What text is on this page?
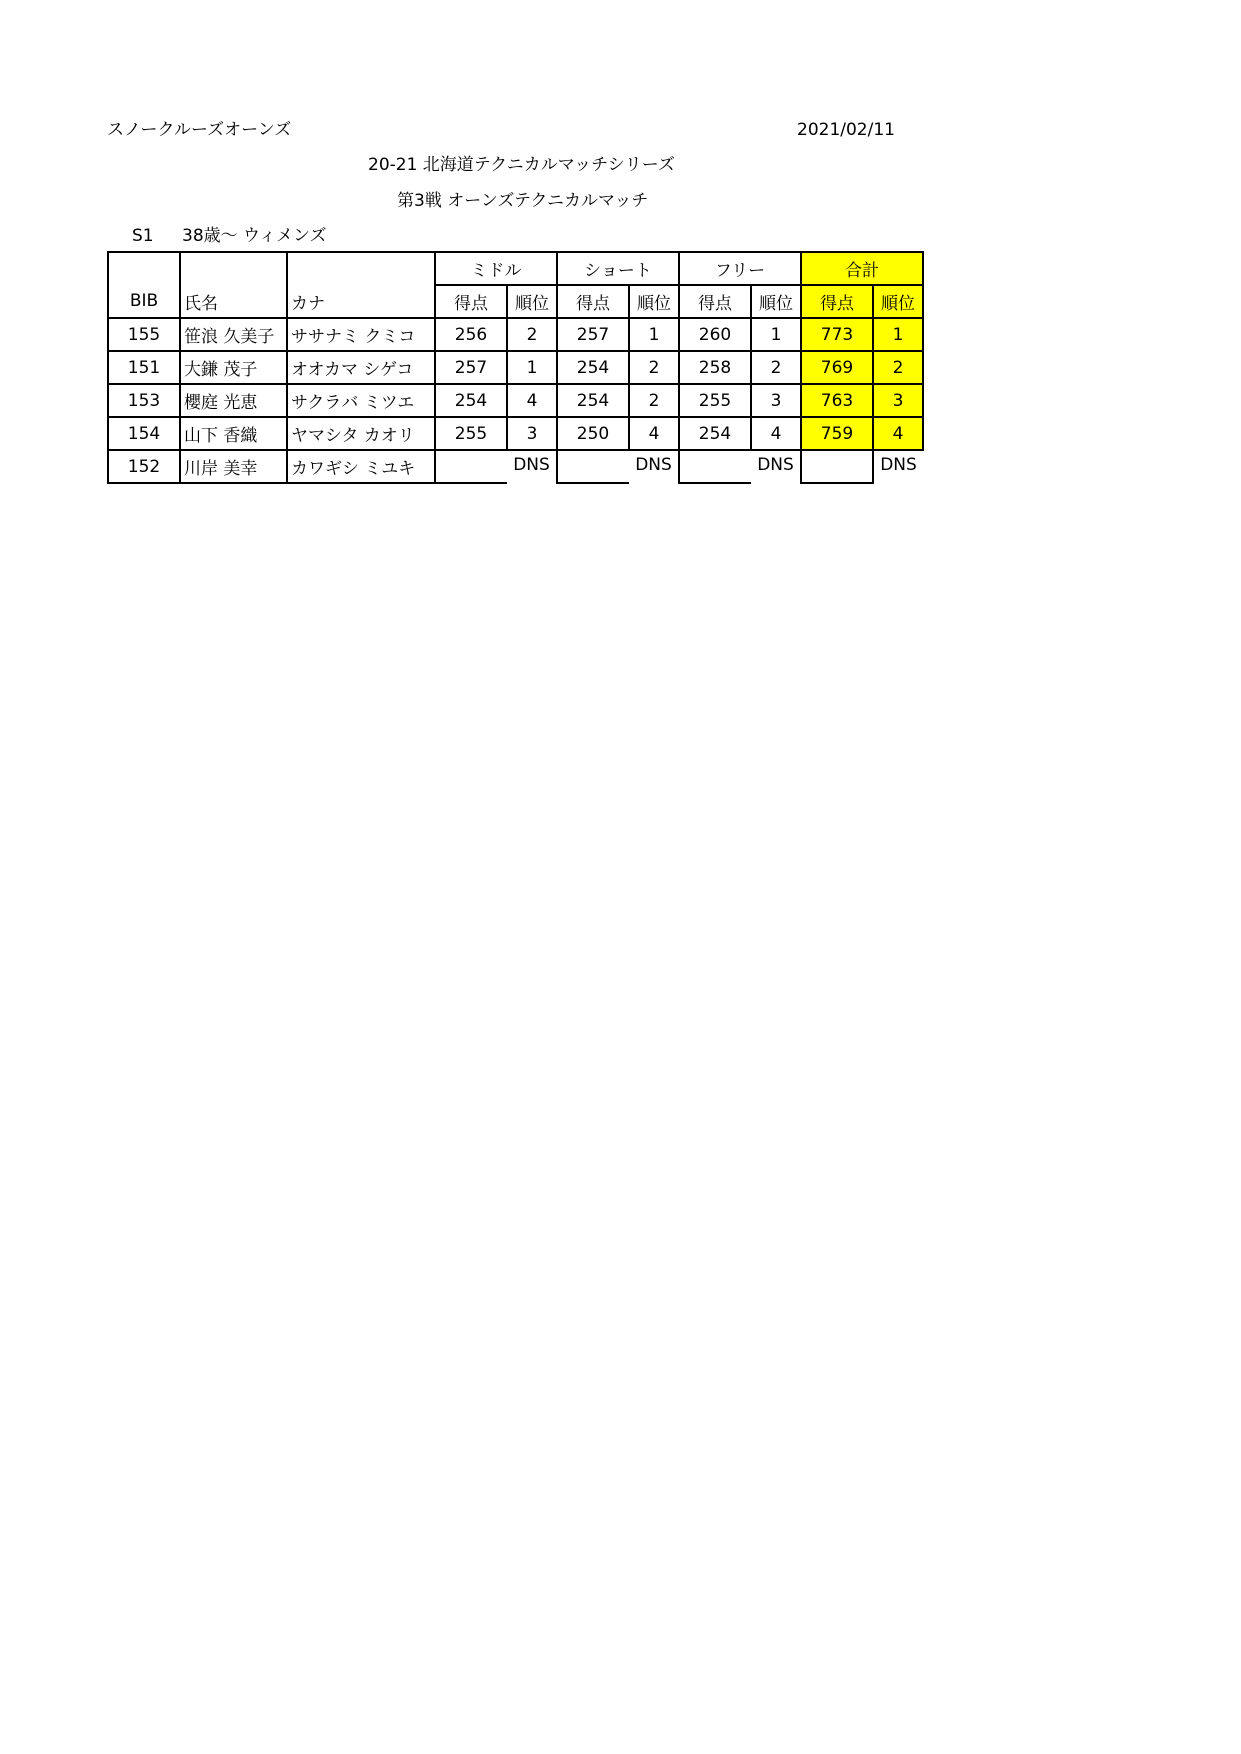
スノークルーズオーンズ	2021/02/11
20-21 北海道テクニカルマッチシリーズ
第3戦 オーンズテクニカルマッチ
S1 38歳～ ウィメンズ
			ミドル		ショート		フリー		合計	
BIB	氏名	カナ	得点	順位	得点	順位	得点	順位	得点	順位
155	笹浪 久美子	ササナミ クミコ	256	2	257	1	260	1	773	1
151	大鎌 茂子	オオカマ シゲコ	257	1	254	2	258	2	769	2
153	櫻庭 光恵	サクラバ ミツエ	254	4	254	2	255	3	763	3
154	山下 香織	ヤマシタ カオリ	255	3	250	4	254	4	759	4
152	川岸 美幸	カワギシ ミユキ		DNS		DNS		DNS		DNS
